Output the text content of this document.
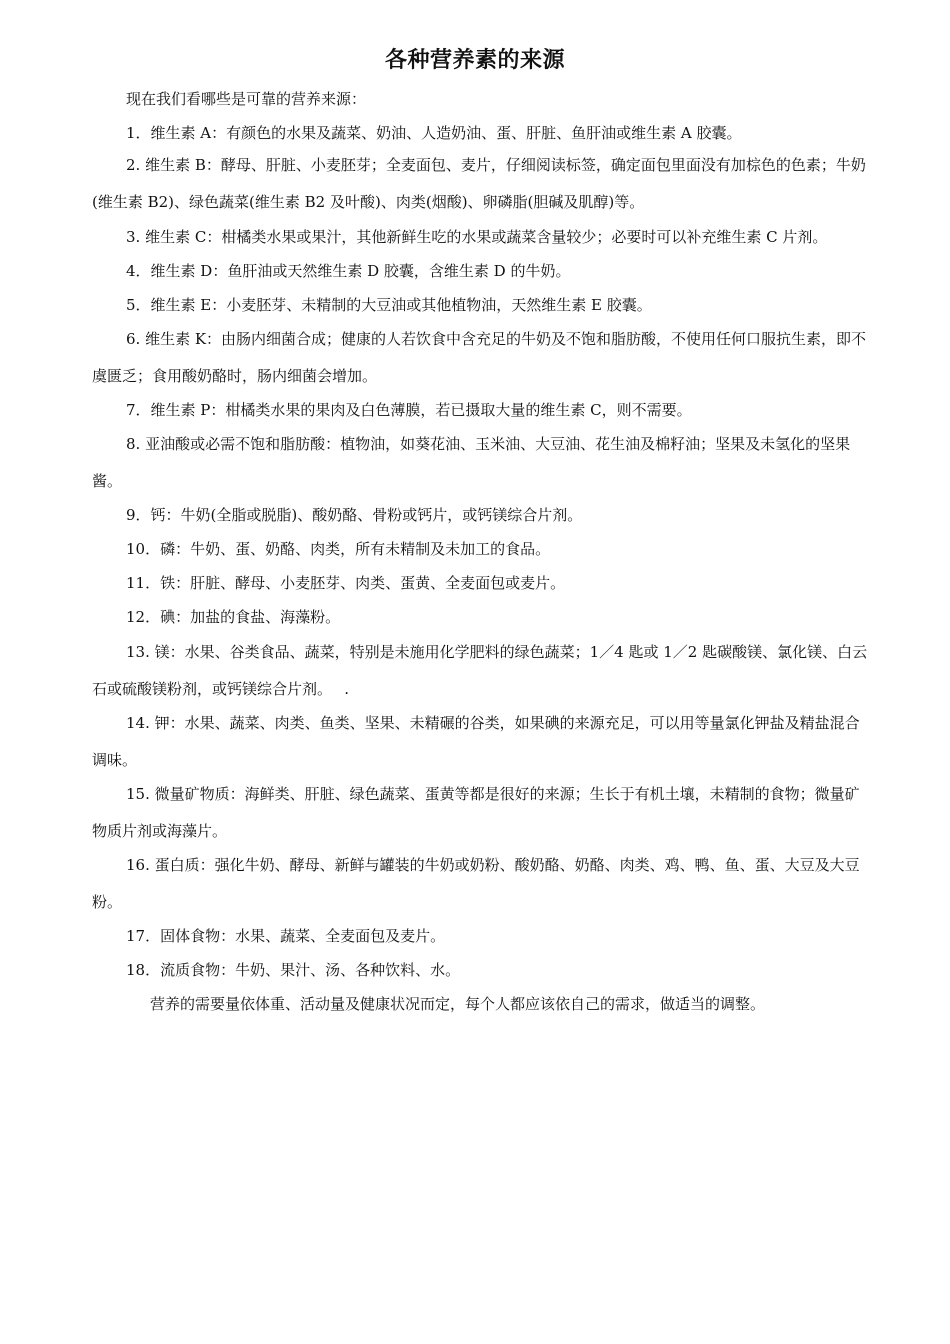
各种营养素的来源
现在我们看哪些是可靠的营养来源：
1．维生素 A：有颜色的水果及蔬菜、奶油、人造奶油、蛋、肝脏、鱼肝油或维生素 A 胶囊。
2. 维生素 B：酵母、肝脏、小麦胚芽；全麦面包、麦片，仔细阅读标签，确定面包里面没有加棕色的色素；牛奶(维生素 B2)、绿色蔬菜(维生素 B2 及叶酸)、肉类(烟酸)、卵磷脂(胆碱及肌醇)等。
3. 维生素 C：柑橘类水果或果汁，其他新鲜生吃的水果或蔬菜含量较少；必要时可以补充维生素 C 片剂。
4．维生素 D：鱼肝油或天然维生素 D 胶囊，含维生素 D 的牛奶。
5．维生素 E：小麦胚芽、未精制的大豆油或其他植物油，天然维生素 E 胶囊。
6. 维生素 K：由肠内细菌合成；健康的人若饮食中含充足的牛奶及不饱和脂肪酸，不使用任何口服抗生素，即不虞匮乏；食用酸奶酪时，肠内细菌会增加。
7．维生素 P：柑橘类水果的果肉及白色薄膜，若已摄取大量的维生素 C，则不需要。
8. 亚油酸或必需不饱和脂肪酸：植物油，如葵花油、玉米油、大豆油、花生油及棉籽油；坚果及未氢化的坚果酱。
9．钙：牛奶(全脂或脱脂)、酸奶酪、骨粉或钙片，或钙镁综合片剂。
10．磷：牛奶、蛋、奶酪、肉类，所有未精制及未加工的食品。
11．铁：肝脏、酵母、小麦胚芽、肉类、蛋黄、全麦面包或麦片。
12．碘：加盐的食盐、海藻粉。
13. 镁：水果、谷类食品、蔬菜，特别是未施用化学肥料的绿色蔬菜；1／4 匙或 1／2 匙碳酸镁、氯化镁、白云石或硫酸镁粉剂，或钙镁综合片剂。　 .
14. 钾：水果、蔬菜、肉类、鱼类、坚果、未精碾的谷类，如果碘的来源充足，可以用等量氯化钾盐及精盐混合调味。
15. 微量矿物质：海鲜类、肝脏、绿色蔬菜、蛋黄等都是很好的来源；生长于有机土壤，未精制的食物；微量矿物质片剂或海藻片。
16. 蛋白质：强化牛奶、酵母、新鲜与罐装的牛奶或奶粉、酸奶酪、奶酪、肉类、鸡、鸭、鱼、蛋、大豆及大豆粉。
17．固体食物：水果、蔬菜、全麦面包及麦片。
18．流质食物：牛奶、果汁、汤、各种饮料、水。
营养的需要量依体重、活动量及健康状况而定，每个人都应该依自己的需求，做适当的调整。
